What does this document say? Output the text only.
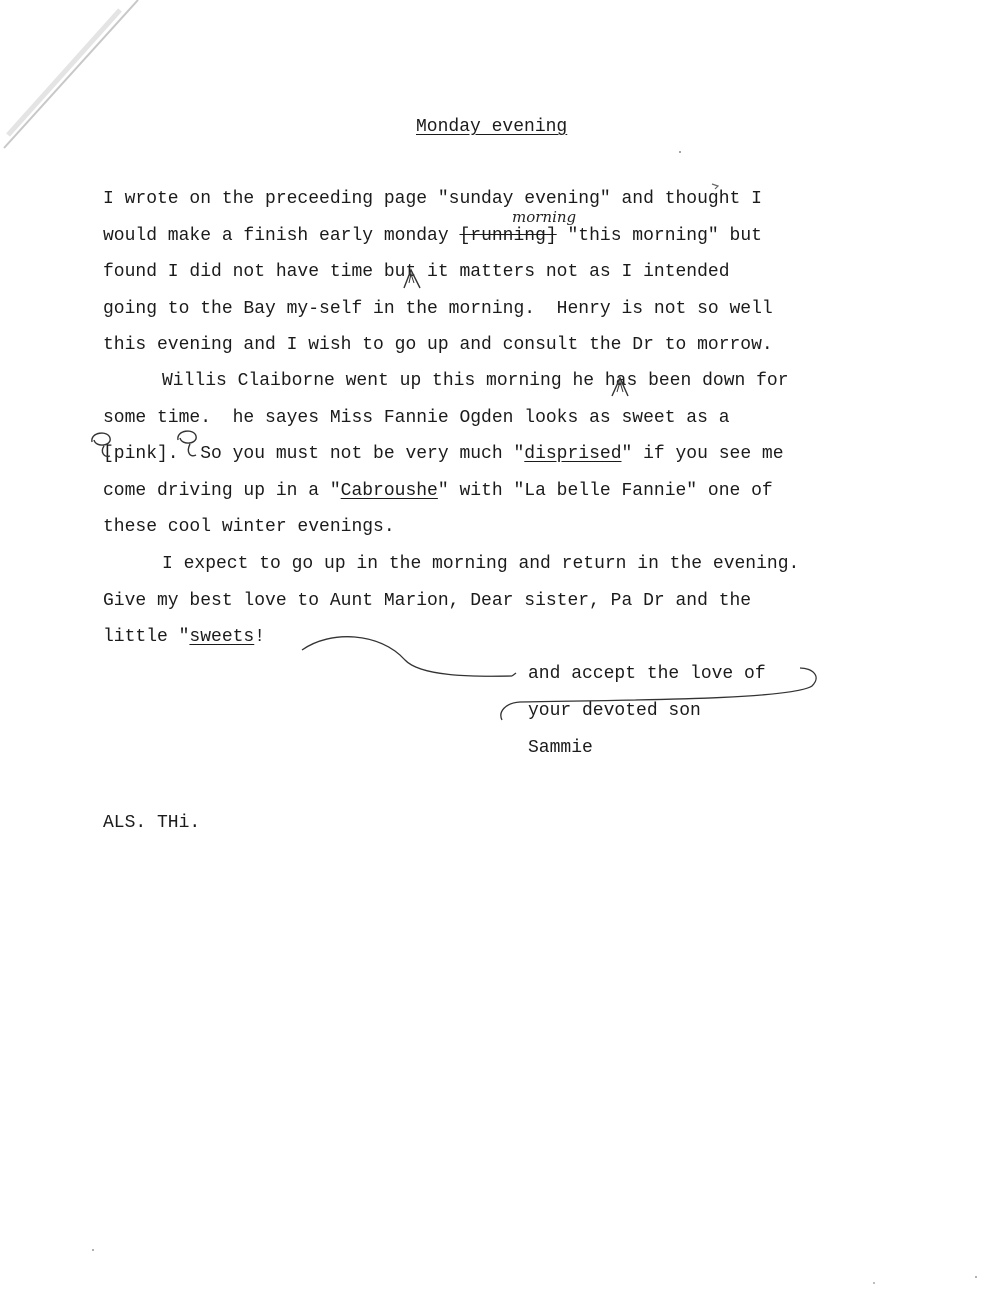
Monday evening
I wrote on the preceeding page "sunday evening" and thought I
would make a finish early monday [running] "this morning" but
found I did not have time but it matters not as I intended
going to the Bay my-self in the morning.  Henry is not so well
this evening and I wish to go up and consult the Dr to morrow.
Willis Claiborne went up this morning he has been down for
some time.  he sayes Miss Fannie Ogden looks as sweet as a
[pink].  So you must not be very much "disprised" if you see me
come driving up in a "Cabroushe" with "La belle Fannie" one of
these cool winter evenings.
I expect to go up in the morning and return in the evening.
Give my best love to Aunt Marion, Dear sister, Pa Dr and the
little "sweets!
and accept the love of
your devoted son
Sammie
ALS. THi.
morning
